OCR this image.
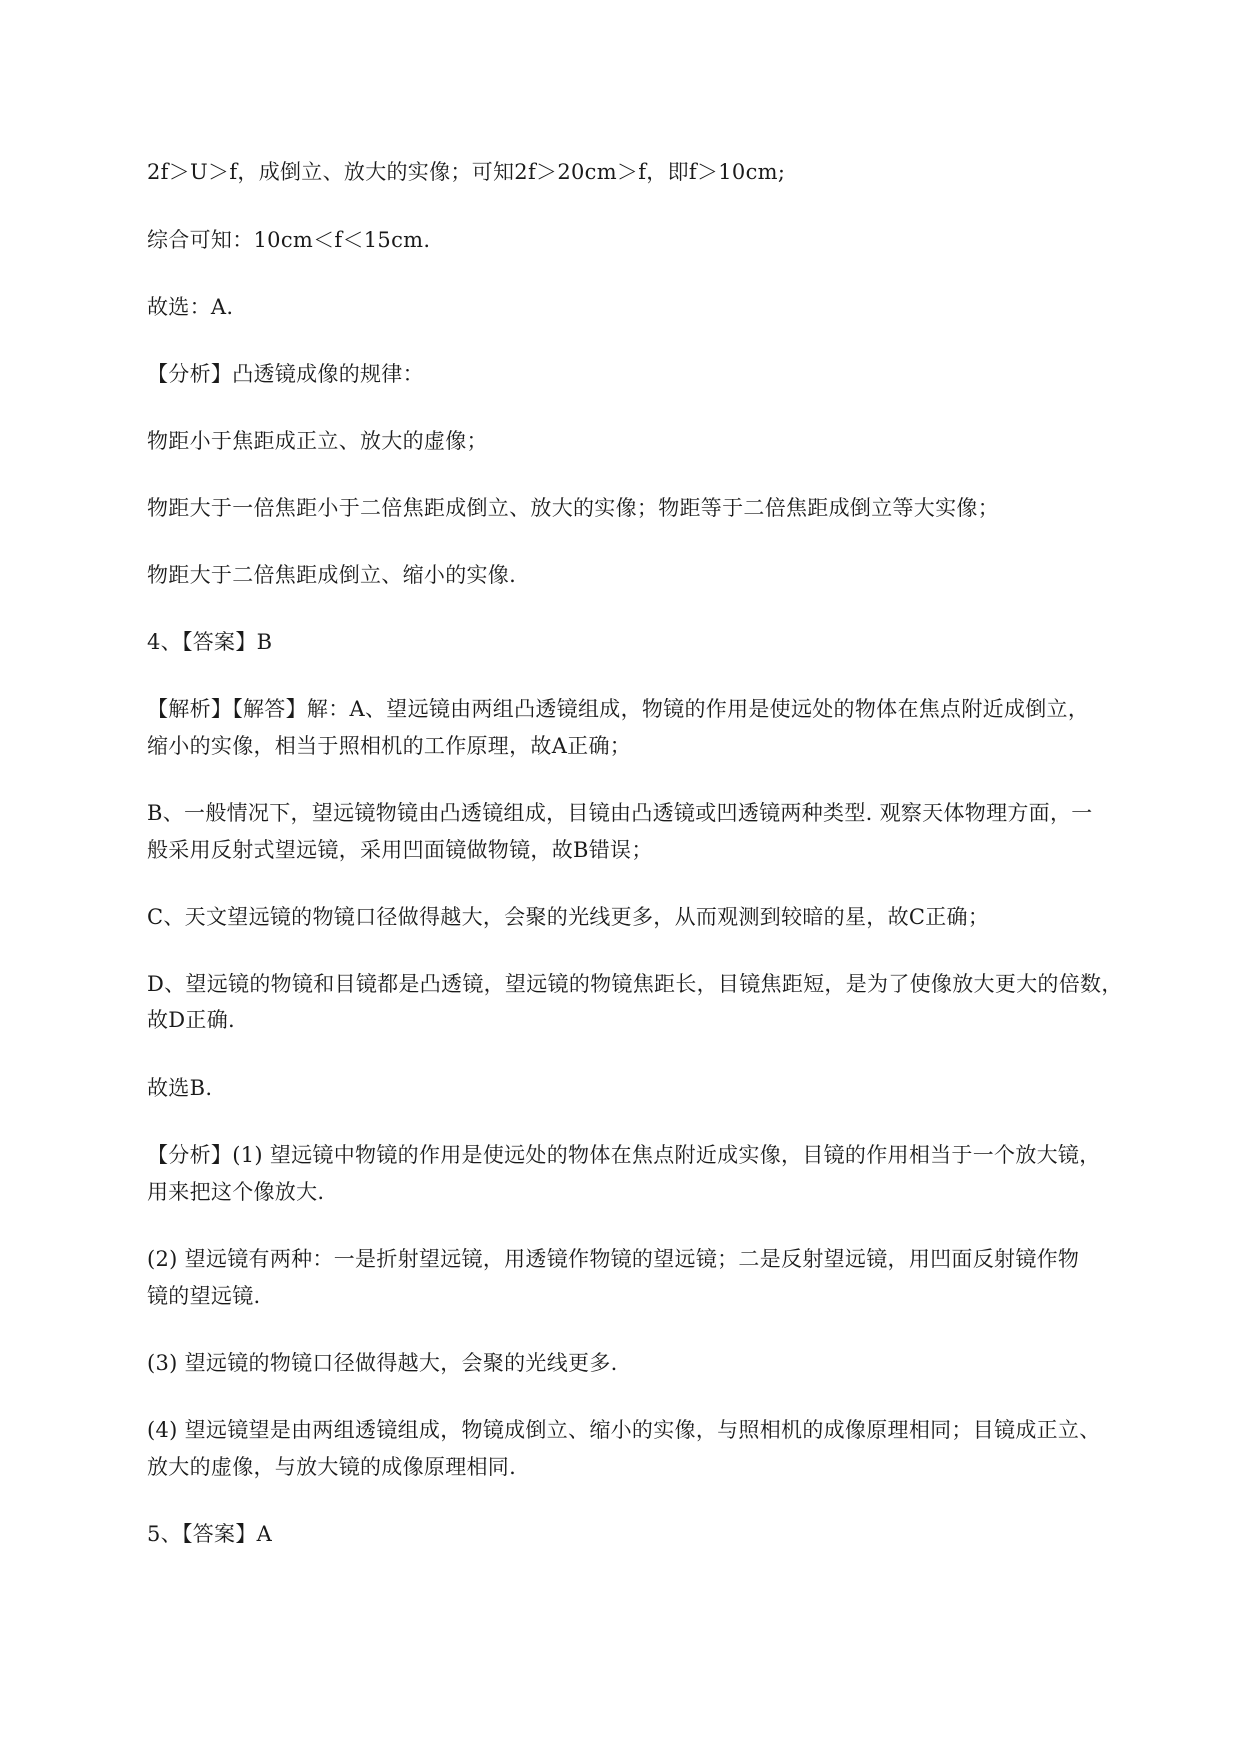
2f＞U＞f，成倒立、放大的实像；可知2f＞20cm＞f，即f＞10cm;
综合可知：10cm＜f＜15cm.
故选：A.
【分析】凸透镜成像的规律：
物距小于焦距成正立、放大的虚像；
物距大于一倍焦距小于二倍焦距成倒立、放大的实像；物距等于二倍焦距成倒立等大实像；
物距大于二倍焦距成倒立、缩小的实像.
4、【答案】B
【解析】【解答】解：A、望远镜由两组凸透镜组成，物镜的作用是使远处的物体在焦点附近成倒立，
缩小的实像，相当于照相机的工作原理，故A正确；
B、一般情况下，望远镜物镜由凸透镜组成，目镜由凸透镜或凹透镜两种类型. 观察天体物理方面，一
般采用反射式望远镜，采用凹面镜做物镜，故B错误；
C、天文望远镜的物镜口径做得越大，会聚的光线更多，从而观测到较暗的星，故C正确；
D、望远镜的物镜和目镜都是凸透镜，望远镜的物镜焦距长，目镜焦距短，是为了使像放大更大的倍数，
故D正确.
故选B.
【分析】(1) 望远镜中物镜的作用是使远处的物体在焦点附近成实像，目镜的作用相当于一个放大镜，
用来把这个像放大.
(2) 望远镜有两种：一是折射望远镜，用透镜作物镜的望远镜；二是反射望远镜，用凹面反射镜作物
镜的望远镜.
(3) 望远镜的物镜口径做得越大，会聚的光线更多.
(4) 望远镜望是由两组透镜组成，物镜成倒立、缩小的实像，与照相机的成像原理相同；目镜成正立、
放大的虚像，与放大镜的成像原理相同.
5、【答案】A
